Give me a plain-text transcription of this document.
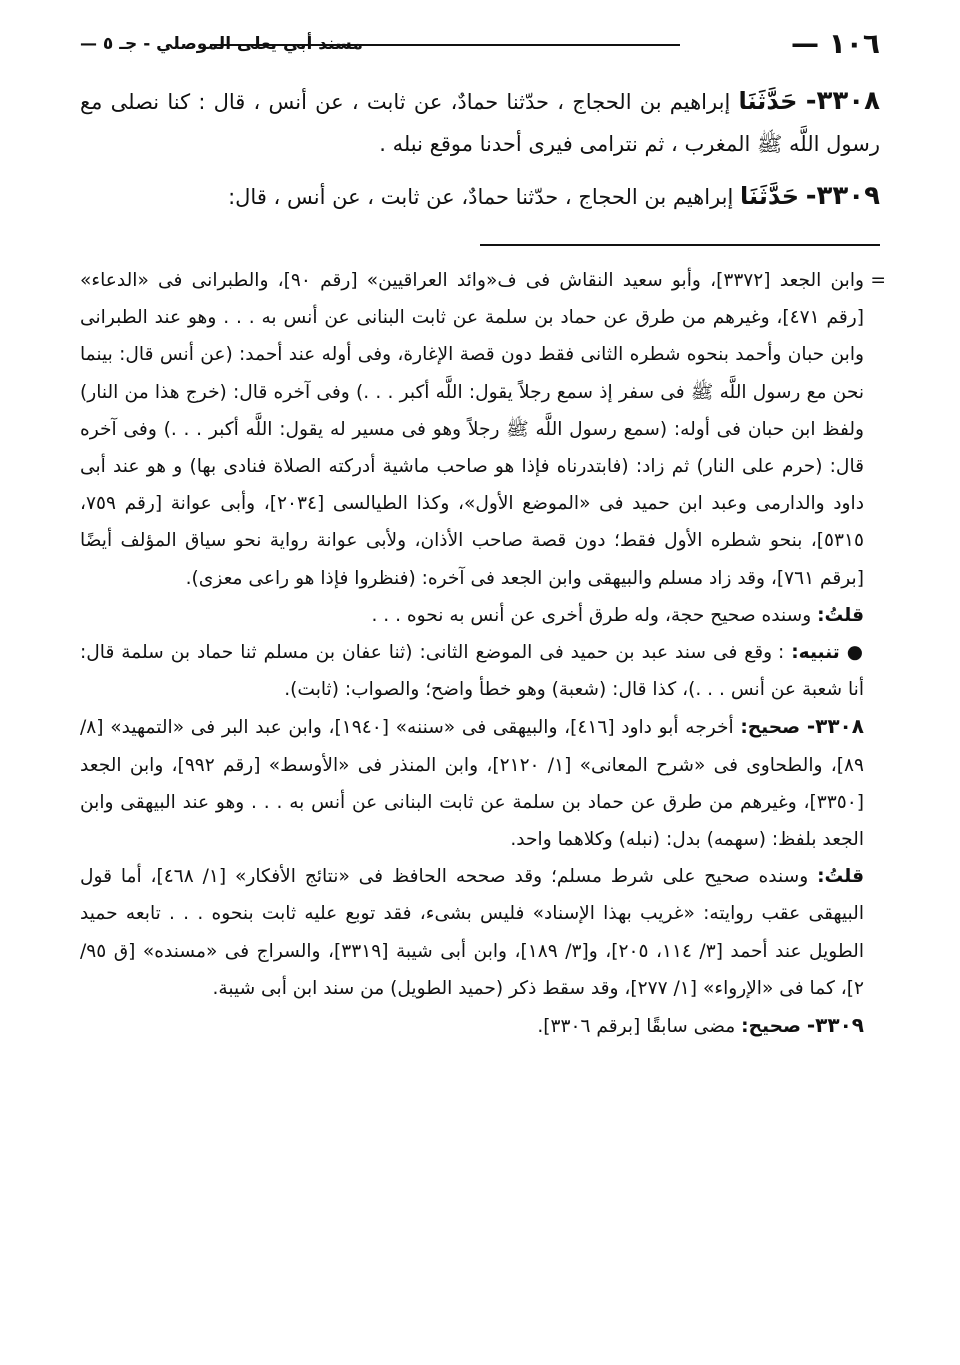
١٠٦ —
مسند أبي يعلى الموصلي - جـ ٥ —

٣٣٠٨- حَدَّثَنَا إبراهيم بن الحجاج ، حدّثنا حمادٌ، عن ثابت ، عن أنس ، قال : كنا نصلى مع رسول اللَّه ﷺ المغرب ، ثم نترامى فيرى أحدنا موقع نبله .

٣٣٠٩- حَدَّثَنَا إبراهيم بن الحجاج ، حدّثنا حمادٌ، عن ثابت ، عن أنس ، قال:

=
وابن الجعد [٣٣٧٢]، وأبو سعيد النقاش فى ف«وائد العراقيين» [رقم ٩٠]، والطبرانى فى «الدعاء» [رقم ٤٧١]، وغيرهم من طرق عن حماد بن سلمة عن ثابت البنانى عن أنس به . . . وهو عند الطبرانى وابن حبان وأحمد بنحوه شطره الثانى فقط دون قصة الإغارة، وفى أوله عند أحمد: (عن أنس قال: بينما نحن مع رسول اللَّه ﷺ فى سفر إذ سمع رجلاً يقول: اللَّه أكبر . . .) وفى آخره قال: (خرج هذا من النار) ولفظ ابن حبان فى أوله: (سمع رسول اللَّه ﷺ رجلاً وهو فى مسير له يقول: اللَّه أكبر . . .) وفى آخره قال: (حرم على النار) ثم زاد: (فابتدرناه فإذا هو صاحب ماشية أدركته الصلاة فنادى بها) و هو عند أبى داود والدارمى وعبد ابن حميد فى «الموضع الأول»، وكذا الطيالسى [٢٠٣٤]، وأبى عوانة [رقم ٧٥٩، ٥٣١٥]، بنحو شطره الأول فقط؛ دون قصة صاحب الأذان، ولأبى عوانة رواية نحو سياق المؤلف أيضًا [برقم ٧٦١]، وقد زاد مسلم والبيهقى وابن الجعد فى آخره: (فنظروا فإذا هو راعى معزى).

قلتُ: وسنده صحيح حجة، وله طرق أخرى عن أنس به نحوه . . .

● تنبيه: : وقع فى سند عبد بن حميد فى الموضع الثانى: (ثنا عفان بن مسلم ثنا حماد بن سلمة قال: أنا شعبة عن أنس . . .)، كذا قال: (شعبة) وهو خطأ واضح؛ والصواب: (ثابت).

٣٣٠٨- صحيح: أخرجه أبو داود [٤١٦]، والبيهقى فى «سننه» [١٩٤٠]، وابن عبد البر فى «التمهيد» [٨/ ٨٩]، والطحاوى فى «شرح المعانى» [١/ ٢١٢٠]، وابن المنذر فى «الأوسط» [رقم ٩٩٢]، وابن الجعد [٣٣٥٠]، وغيرهم من طرق عن حماد بن سلمة عن ثابت البنانى عن أنس به . . . وهو عند البيهقى وابن الجعد بلفظ: (سهمه) بدل: (نبله) وكلاهما واحد.

قلتُ: وسنده صحيح على شرط مسلم؛ وقد صححه الحافظ فى «نتائج الأفكار» [١/ ٤٦٨]، أما قول البيهقى عقب روايته: «غريب بهذا الإسناد» فليس بشىء، فقد توبع عليه ثابت بنحوه . . . تابعه حميد الطويل عند أحمد [٣/ ١١٤، ٢٠٥]، و[٣/ ١٨٩]، وابن أبى شيبة [٣٣١٩]، والسراج فى «مسنده» [ق ٩٥/ ٢]، كما فى «الإرواء» [١/ ٢٧٧]، وقد سقط ذكر (حميد الطويل) من سند ابن أبى شيبة.

٣٣٠٩- صحيح: مضى سابقًا [برقم ٣٣٠٦].
